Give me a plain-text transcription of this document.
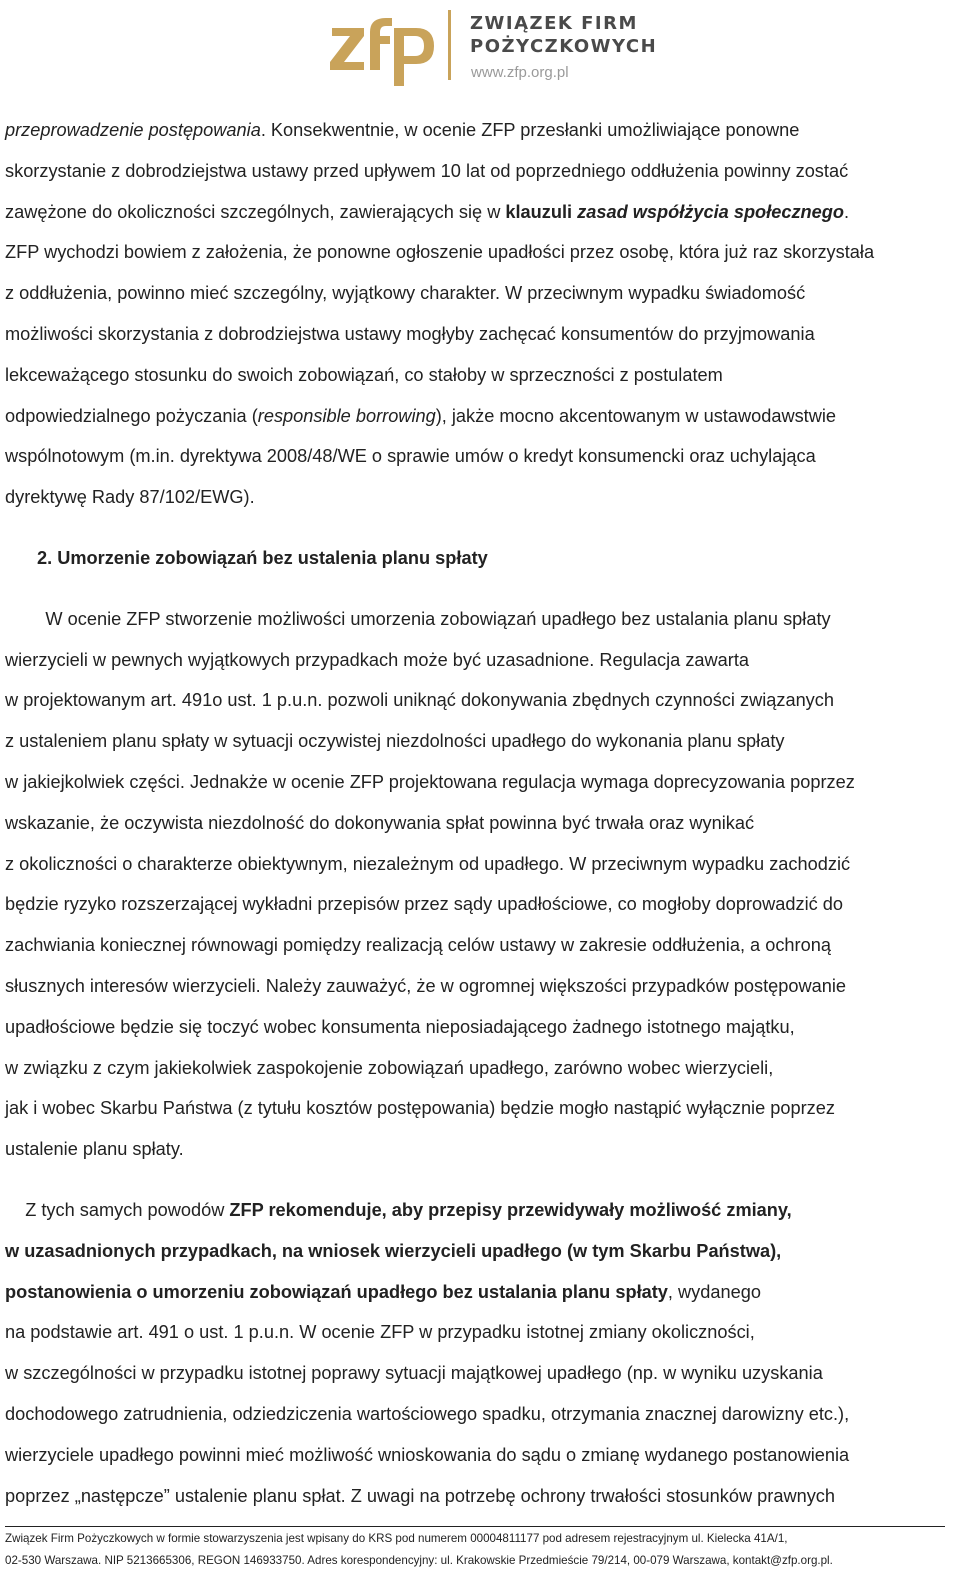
ZWIĄZEK FIRM
POŻYCZKOWYCH
www.zfp.org.pl

przeprowadzenie postępowania. Konsekwentnie, w ocenie ZFP przesłanki umożliwiające ponowne
skorzystanie z dobrodziejstwa ustawy przed upływem 10 lat od poprzedniego oddłużenia powinny zostać
zawężone do okoliczności szczególnych, zawierających się w klauzuli zasad współżycia społecznego.
ZFP wychodzi bowiem z założenia, że ponowne ogłoszenie upadłości przez osobę, która już raz skorzystała
z oddłużenia, powinno mieć szczególny, wyjątkowy charakter. W przeciwnym wypadku świadomość
możliwości skorzystania z dobrodziejstwa ustawy mogłyby zachęcać konsumentów do przyjmowania
lekceważącego stosunku do swoich zobowiązań, co stałoby w sprzeczności z postulatem
odpowiedzialnego pożyczania (responsible borrowing), jakże mocno akcentowanym w ustawodawstwie
wspólnotowym (m.in. dyrektywa 2008/48/WE o sprawie umów o kredyt konsumencki oraz uchylająca
dyrektywę Rady 87/102/EWG).

2. Umorzenie zobowiązań bez ustalenia planu spłaty

W ocenie ZFP stworzenie możliwości umorzenia zobowiązań upadłego bez ustalania planu spłaty
wierzycieli w pewnych wyjątkowych przypadkach może być uzasadnione. Regulacja zawarta
w projektowanym art. 491o ust. 1 p.u.n. pozwoli uniknąć dokonywania zbędnych czynności związanych
z ustaleniem planu spłaty w sytuacji oczywistej niezdolności upadłego do wykonania planu spłaty
w jakiejkolwiek części. Jednakże w ocenie ZFP projektowana regulacja wymaga doprecyzowania poprzez
wskazanie, że oczywista niezdolność do dokonywania spłat powinna być trwała oraz wynikać
z okoliczności o charakterze obiektywnym, niezależnym od upadłego. W przeciwnym wypadku zachodzić
będzie ryzyko rozszerzającej wykładni przepisów przez sądy upadłościowe, co mogłoby doprowadzić do
zachwiania koniecznej równowagi pomiędzy realizacją celów ustawy w zakresie oddłużenia, a ochroną
słusznych interesów wierzycieli. Należy zauważyć, że w ogromnej większości przypadków postępowanie
upadłościowe będzie się toczyć wobec konsumenta nieposiadającego żadnego istotnego majątku,
w związku z czym jakiekolwiek zaspokojenie zobowiązań upadłego, zarówno wobec wierzycieli,
jak i wobec Skarbu Państwa (z tytułu kosztów postępowania) będzie mogło nastąpić wyłącznie poprzez
ustalenie planu spłaty.

Z tych samych powodów ZFP rekomenduje, aby przepisy przewidywały możliwość zmiany,
w uzasadnionych przypadkach, na wniosek wierzycieli upadłego (w tym Skarbu Państwa),
postanowienia o umorzeniu zobowiązań upadłego bez ustalania planu spłaty, wydanego
na podstawie art. 491 o ust. 1 p.u.n. W ocenie ZFP w przypadku istotnej zmiany okoliczności,
w szczególności w przypadku istotnej poprawy sytuacji majątkowej upadłego (np. w wyniku uzyskania
dochodowego zatrudnienia, odziedziczenia wartościowego spadku, otrzymania znacznej darowizny etc.),
wierzyciele upadłego powinni mieć możliwość wnioskowania do sądu o zmianę wydanego postanowienia
poprzez „następcze” ustalenie planu spłat. Z uwagi na potrzebę ochrony trwałości stosunków prawnych

Związek Firm Pożyczkowych w formie stowarzyszenia jest wpisany do KRS pod numerem 00004811177 pod adresem rejestracyjnym ul. Kielecka 41A/1,
02-530 Warszawa. NIP 5213665306, REGON 146933750. Adres korespondencyjny: ul. Krakowskie Przedmieście 79/214, 00-079 Warszawa, kontakt@zfp.org.pl.
